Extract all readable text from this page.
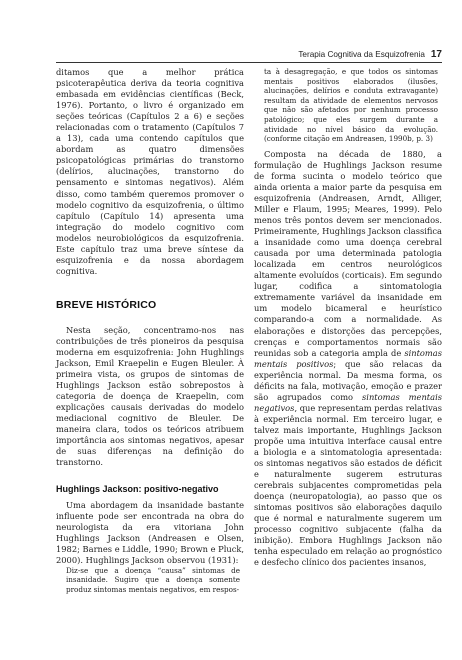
Terapia Cognitiva da Esquizofrenia 17

ditamos que a melhor prática psicoterapêutica deriva da teoria cognitiva embasada em evidências científicas (Beck, 1976). Portanto, o livro é organizado em seções teóricas (Capítulos 2 a 6) e seções relacionadas com o tratamento (Capítulos 7 a 13), cada uma contendo capítulos que abordam as quatro dimensões psicopatológicas primárias do transtorno (delírios, alucinações, transtorno do pensamento e sintomas negativos). Além disso, como também queremos promover o modelo cognitivo da esquizofrenia, o último capítulo (Capítulo 14) apresenta uma integração do modelo cognitivo com modelos neurobiológicos da esquizofrenia. Este capítulo traz uma breve síntese da esquizofrenia e da nossa abordagem cognitiva.

BREVE HISTÓRICO

Nesta seção, concentramo-nos nas contribuições de três pioneiros da pesquisa moderna em esquizofrenia: John Hughlings Jackson, Emil Kraepelin e Eugen Bleuler. À primeira vista, os grupos de sintomas de Hughlings Jackson estão sobrepostos à categoria de doença de Kraepelin, com explicações causais derivadas do modelo mediacional cognitivo de Bleuler. De maneira clara, todos os teóricos atribuem importância aos sintomas negativos, apesar de suas diferenças na definição do transtorno.

Hughlings Jackson: positivo-negativo

Uma abordagem da insanidade bastante influente pode ser encontrada na obra do neurologista da era vitoriana John Hughlings Jackson (Andreasen e Olsen, 1982; Barnes e Liddle, 1990; Brown e Pluck, 2000). Hughlings Jackson observou (1931):

Diz-se que a doença “causa” sintomas de insanidade. Sugiro que a doença somente produz sintomas mentais negativos, em respos-

ta à desagregação, e que todos os sintomas mentais positivos elaborados (ilusões, alucinações, delírios e conduta extravagante) resultam da atividade de elementos nervosos que não são afetados por nenhum processo patológico; que eles surgem durante a atividade no nível básico da evolução. (conforme citação em Andreasen, 1990b, p. 3)

Composta na década de 1880, a formulação de Hughlings Jackson resume de forma sucinta o modelo teórico que ainda orienta a maior parte da pesquisa em esquizofrenia (Andreasen, Arndt, Alliger, Miller e Flaum, 1995; Meares, 1999). Pelo menos três pontos devem ser mencionados. Primeiramente, Hughlings Jackson classifica a insanidade como uma doença cerebral causada por uma determinada patologia localizada em centros neurológicos altamente evoluídos (corticais). Em segundo lugar, codifica a sintomatologia extremamente variável da insanidade em um modelo bicameral e heurístico comparando-a com a normalidade. As elaborações e distorções das percepções, crenças e comportamentos normais são reunidas sob a categoria ampla de sintomas mentais positivos; que são relacas da experiência normal. Da mesma forma, os déficits na fala, motivação, emoção e prazer são agrupados como sintomas mentais negativos, que representam perdas relativas à experiência normal. Em terceiro lugar, e talvez mais importante, Hughlings Jackson propõe uma intuitiva interface causal entre a biologia e a sintomatologia apresentada: os sintomas negativos são estados de déficit e naturalmente sugerem estruturas cerebrais subjacentes comprometidas pela doença (neuropatologia), ao passo que os sintomas positivos são elaborações daquilo que é normal e naturalmente sugerem um processo cognitivo subjacente (falha da inibição). Embora Hughlings Jackson não tenha especulado em relação ao prognóstico e desfecho clínico dos pacientes insanos,
